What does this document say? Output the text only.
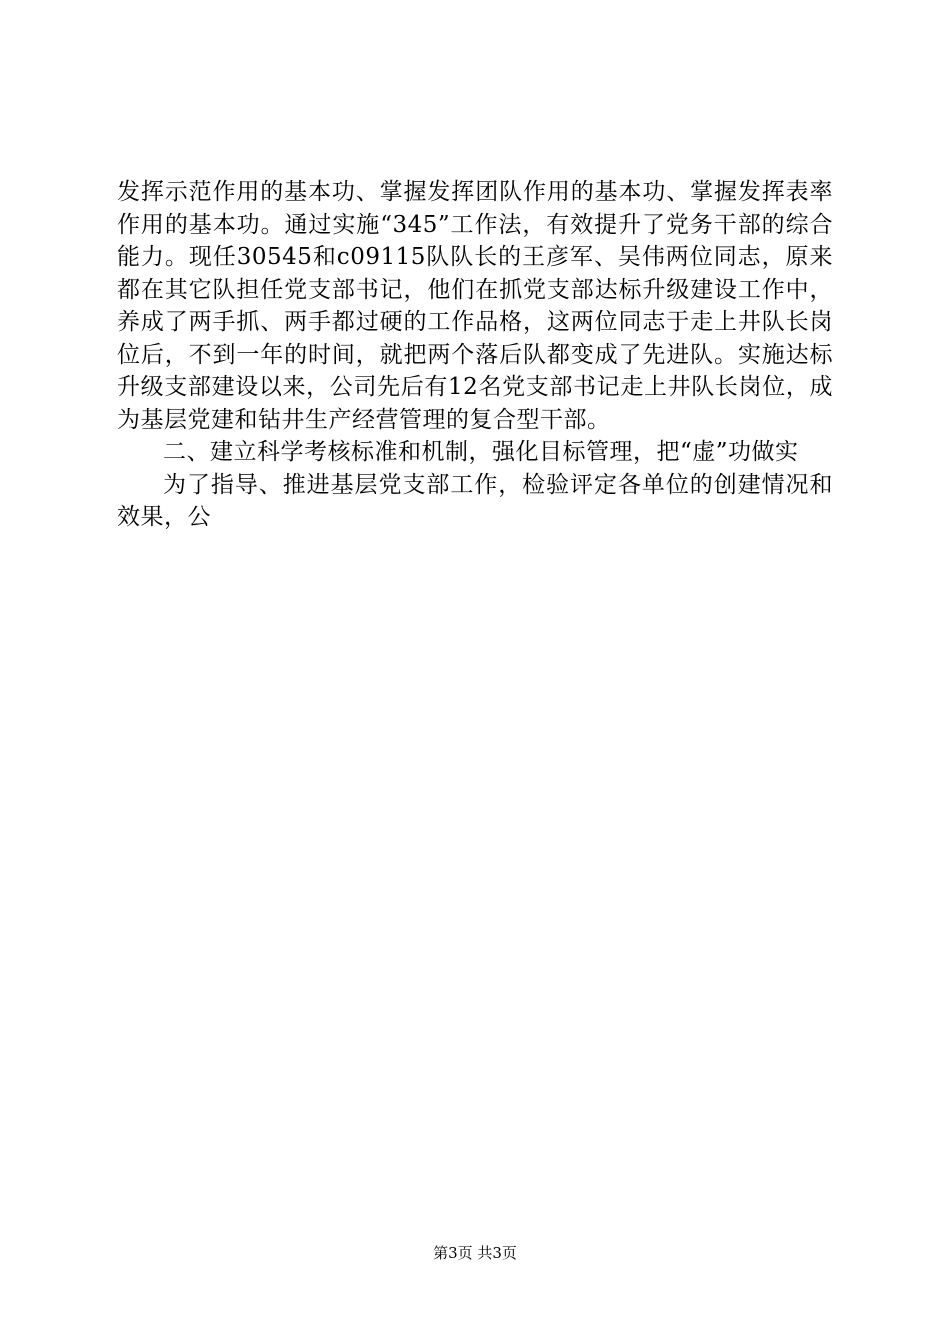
发挥示范作用的基本功、掌握发挥团队作用的基本功、掌握发挥表率作用的基本功。通过实施“345”工作法，有效提升了党务干部的综合能力。现任30545和c09115队队长的王彦军、吴伟两位同志，原来都在其它队担任党支部书记，他们在抓党支部达标升级建设工作中，养成了两手抓、两手都过硬的工作品格，这两位同志于走上井队长岗位后，不到一年的时间，就把两个落后队都变成了先进队。实施达标升级支部建设以来，公司先后有12名党支部书记走上井队长岗位，成为基层党建和钻井生产经营管理的复合型干部。

二、建立科学考核标准和机制，强化目标管理，把“虚”功做实

为了指导、推进基层党支部工作，检验评定各单位的创建情况和效果，公

第3页 共3页
